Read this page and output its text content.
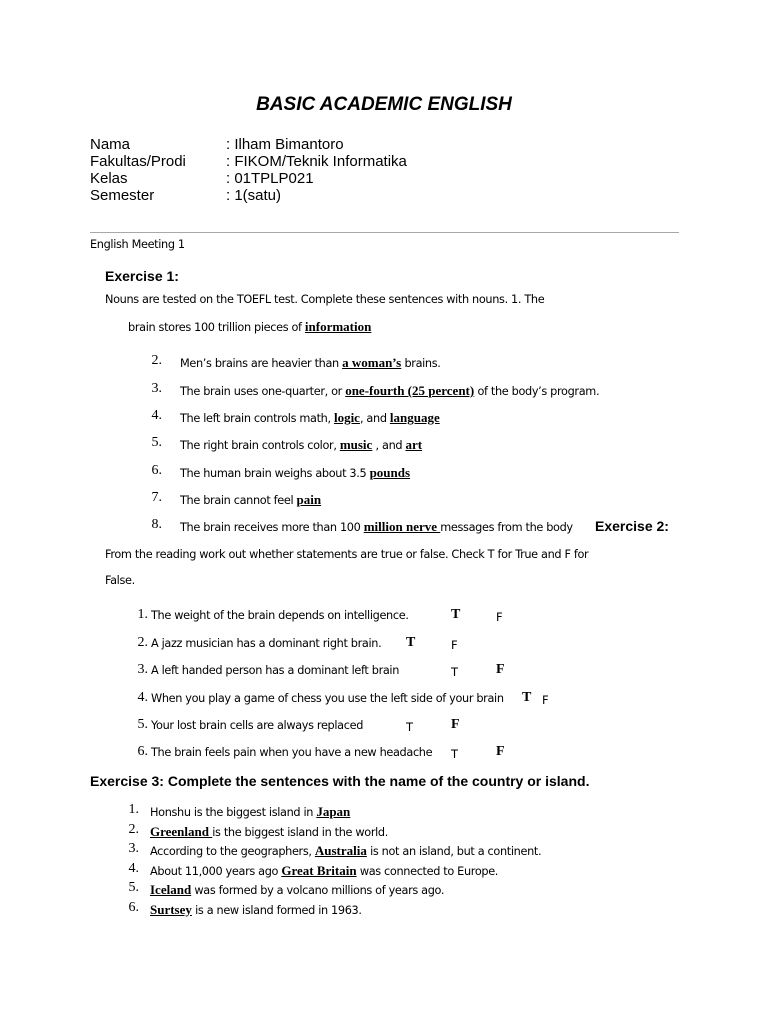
BASIC ACADEMIC ENGLISH
Nama	: Ilham Bimantoro
Fakultas/Prodi	: FIKOM/Teknik Informatika
Kelas	: 01TPLP021
Semester	: 1(satu)
English Meeting 1
Exercise 1:
Nouns are tested on the TOEFL test. Complete these sentences with nouns. 1. The
brain stores 100 trillion pieces of information
2. Men’s brains are heavier than a woman’s brains.
3. The brain uses one-quarter, or one-fourth (25 percent) of the body’s program.
4. The left brain controls math, logic, and language
5. The right brain controls color, music , and art
6. The human brain weighs about 3.5 pounds
7. The brain cannot feel pain
8. The brain receives more than 100 million nerve messages from the body Exercise 2:
From the reading work out whether statements are true or false. Check T for True and F for
False.
1. The weight of the brain depends on intelligence.	T	F
2. A jazz musician has a dominant right brain. T	F
3. A left handed person has a dominant left brain	T	F
4. When you play a game of chess you use the left side of your brain T F
5. Your lost brain cells are always replaced	T	F
6. The brain feels pain when you have a new headache T	F
Exercise 3: Complete the sentences with the name of the country or island.
1. Honshu is the biggest island in Japan
2. Greenland is the biggest island in the world.
3. According to the geographers, Australia is not an island, but a continent.
4. About 11,000 years ago Great Britain was connected to Europe.
5. Iceland was formed by a volcano millions of years ago.
6. Surtsey is a new island formed in 1963.
